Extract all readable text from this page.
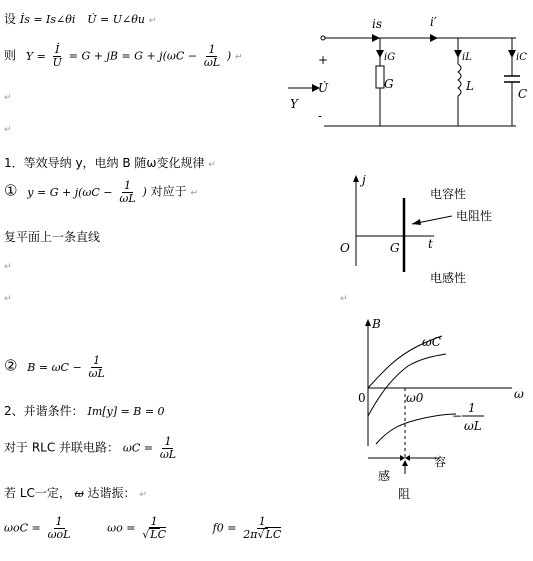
设 İs = Is∠θi U̇ = U∠θu ↵
则 $Y = \frac{İ}{U̇} = G$ + jB = $G + j(\omega C - \frac{1}{\omega L}$ ) ↵
↵
↵
1．等效导纳 y，电纳 B 随ω变化规律 ↵
① $y = G + j(\omega C - \frac{1}{\omega L}$ ) 对应于 ↵
复平面上一条直线
↵
↵
② $B = \omega C - \frac{1}{\omega L}$
2、并谐条件： Im[y] = B = 0
对于 RLC 并联电路： $\omega C = \frac{1}{\omega L}$
若 LC一定， ω 达谐振： ↵
$\omega oC = \frac{1}{\text{ωoL}}$	$\omega o = \frac{1}{√LC}$	$f0 = \frac{1}{2\pi√LC}$
is	i′
iG	iL	iC
+
U̇
-
Y
G	L
C
j
t
O	G
电容性
电阻性
电感性
B
ω
0	ω0
ωC
−
1
ωL
感
容
阻
↵
